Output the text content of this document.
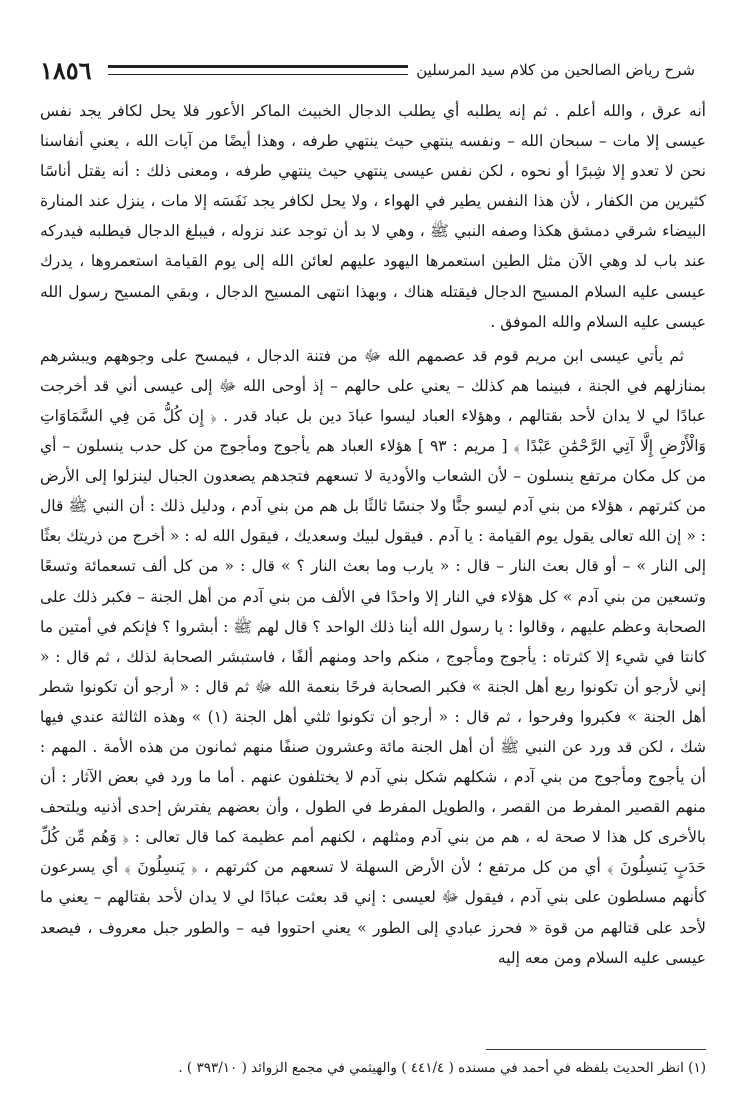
١٨٥٦	شرح رياض الصالحين من كلام سيد المرسلين

أنه عرق ، والله أعلم . ثم إنه يطلبه أي يطلب الدجال الخبيث الماكر الأعور فلا يحل لكافر يجد نفس عيسى إلا مات – سبحان الله – ونفسه ينتهي حيث ينتهي طرفه ، وهذا أيضًا من آيات الله ، يعني أنفاسنا نحن لا تعدو إلا شِبرًا أو نحوه ، لكن نفس عيسى ينتهي حيث ينتهي طرفه ، ومعنى ذلك : أنه يقتل أناسًا كثيرين من الكفار ، لأن هذا النفس يطير في الهواء ، ولا يحل لكافر يجد نَفَسَه إلا مات ، ينزل عند المنارة البيضاء شرقي دمشق هكذا وصفه النبي ﷺ ، وهي لا بد أن توجد عند نزوله ، فيبلغ الدجال فيطلبه فيدركه عند باب لد وهي الآن مثل الطين استعمرها اليهود عليهم لعائن الله إلى يوم القيامة استعمروها ، يدرك عيسى عليه السلام المسيح الدجال فيقتله هناك ، وبهذا انتهى المسيح الدجال ، وبقي المسيح رسول الله عيسى عليه السلام والله الموفق .

ثم يأتي عيسى ابن مريم قوم قد عصمهم الله ﷻ من فتنة الدجال ، فيمسح على وجوههم ويبشرهم بمنازلهم في الجنة ، فبينما هم كذلك – يعني على حالهم – إذ أوحى الله ﷻ إلى عيسى أني قد أخرجت عبادًا لي لا يدان لأحد بقتالهم ، وهؤلاء العباد ليسوا عبادَ دين بل عباد قدر . ﴿ إِن كُلُّ مَن فِي السَّمَاوَاتِ وَالْأَرْضِ إِلَّا آتِي الرَّحْمَٰنِ عَبْدًا ﴾ [ مريم : ٩٣ ] هؤلاء العباد هم يأجوج ومأجوج من كل حدب ينسلون – أي من كل مكان مرتفع ينسلون – لأن الشعاب والأودية لا تسعهم فتجدهم يصعدون الجبال لينزلوا إلى الأرض من كثرتهم ، هؤلاء من بني آدم ليسو جنًّا ولا جنسًا ثالثًا بل هم من بني آدم ، ودليل ذلك : أن النبي ﷺ قال : « إن الله تعالى يقول يوم القيامة : يا آدم . فيقول لبيك وسعديك ، فيقول الله له : « أخرج من ذريتك بعثًا إلى النار » – أو قال بعث النار – قال : « يارب وما بعث النار ؟ » قال : « من كل ألف تسعمائة وتسعًا وتسعين من بني آدم » كل هؤلاء في النار إلا واحدًا في الألف من بني آدم من أهل الجنة – فكبر ذلك على الصحابة وعظم عليهم ، وقالوا : يا رسول الله أينا ذلك الواحد ؟ قال لهم ﷺ : أبشروا ؟ فإنكم في أمتين ما كانتا في شيء إلا كثرتاه : يأجوج ومأجوج ، منكم واحد ومنهم ألفًا ، فاستبشر الصحابة لذلك ، ثم قال : « إني لأرجو أن تكونوا ربع أهل الجنة » فكبر الصحابة فرحًا بنعمة الله ﷻ ثم قال : « أرجو أن تكونوا شطر أهل الجنة » فكبروا وفرحوا ، ثم قال : « أرجو أن تكونوا ثلثي أهل الجنة (١) » وهذه الثالثة عندي فيها شك ، لكن قد ورد عن النبي ﷺ أن أهل الجنة مائة وعشرون صنفًا منهم ثمانون من هذه الأمة . المهم : أن يأجوج ومأجوج من بني آدم ، شكلهم شكل بني آدم لا يختلفون عنهم . أما ما ورد في بعض الآثار : أن منهم القصير المفرط من القصر ، والطويل المفرط في الطول ، وأن بعضهم يفترش إحدى أذنيه ويلتحف بالأخرى كل هذا لا صحة له ، هم من بني آدم ومثلهم ، لكنهم أمم عظيمة كما قال تعالى : ﴿ وَهُم مِّن كُلِّ حَدَبٍ يَنسِلُونَ ﴾ أي من كل مرتفع ؛ لأن الأرض السهلة لا تسعهم من كثرتهم ، ﴿ يَنسِلُونَ ﴾ أي يسرعون كأنهم مسلطون على بني آدم ، فيقول ﷻ لعيسى : إني قد بعثت عبادًا لي لا يدان لأحد بقتالهم – يعني ما لأحد على قتالهم من قوة « فحرز عبادي إلى الطور » يعني احتووا فيه – والطور جبل معروف ، فيصعد عيسى عليه السلام ومن معه إليه

(١) انظر الحديث بلفظه في أحمد في مسنده ( ٤٤١/٤ ) والهيثمي في مجمع الزوائد ( ٣٩٣/١٠ ) .
